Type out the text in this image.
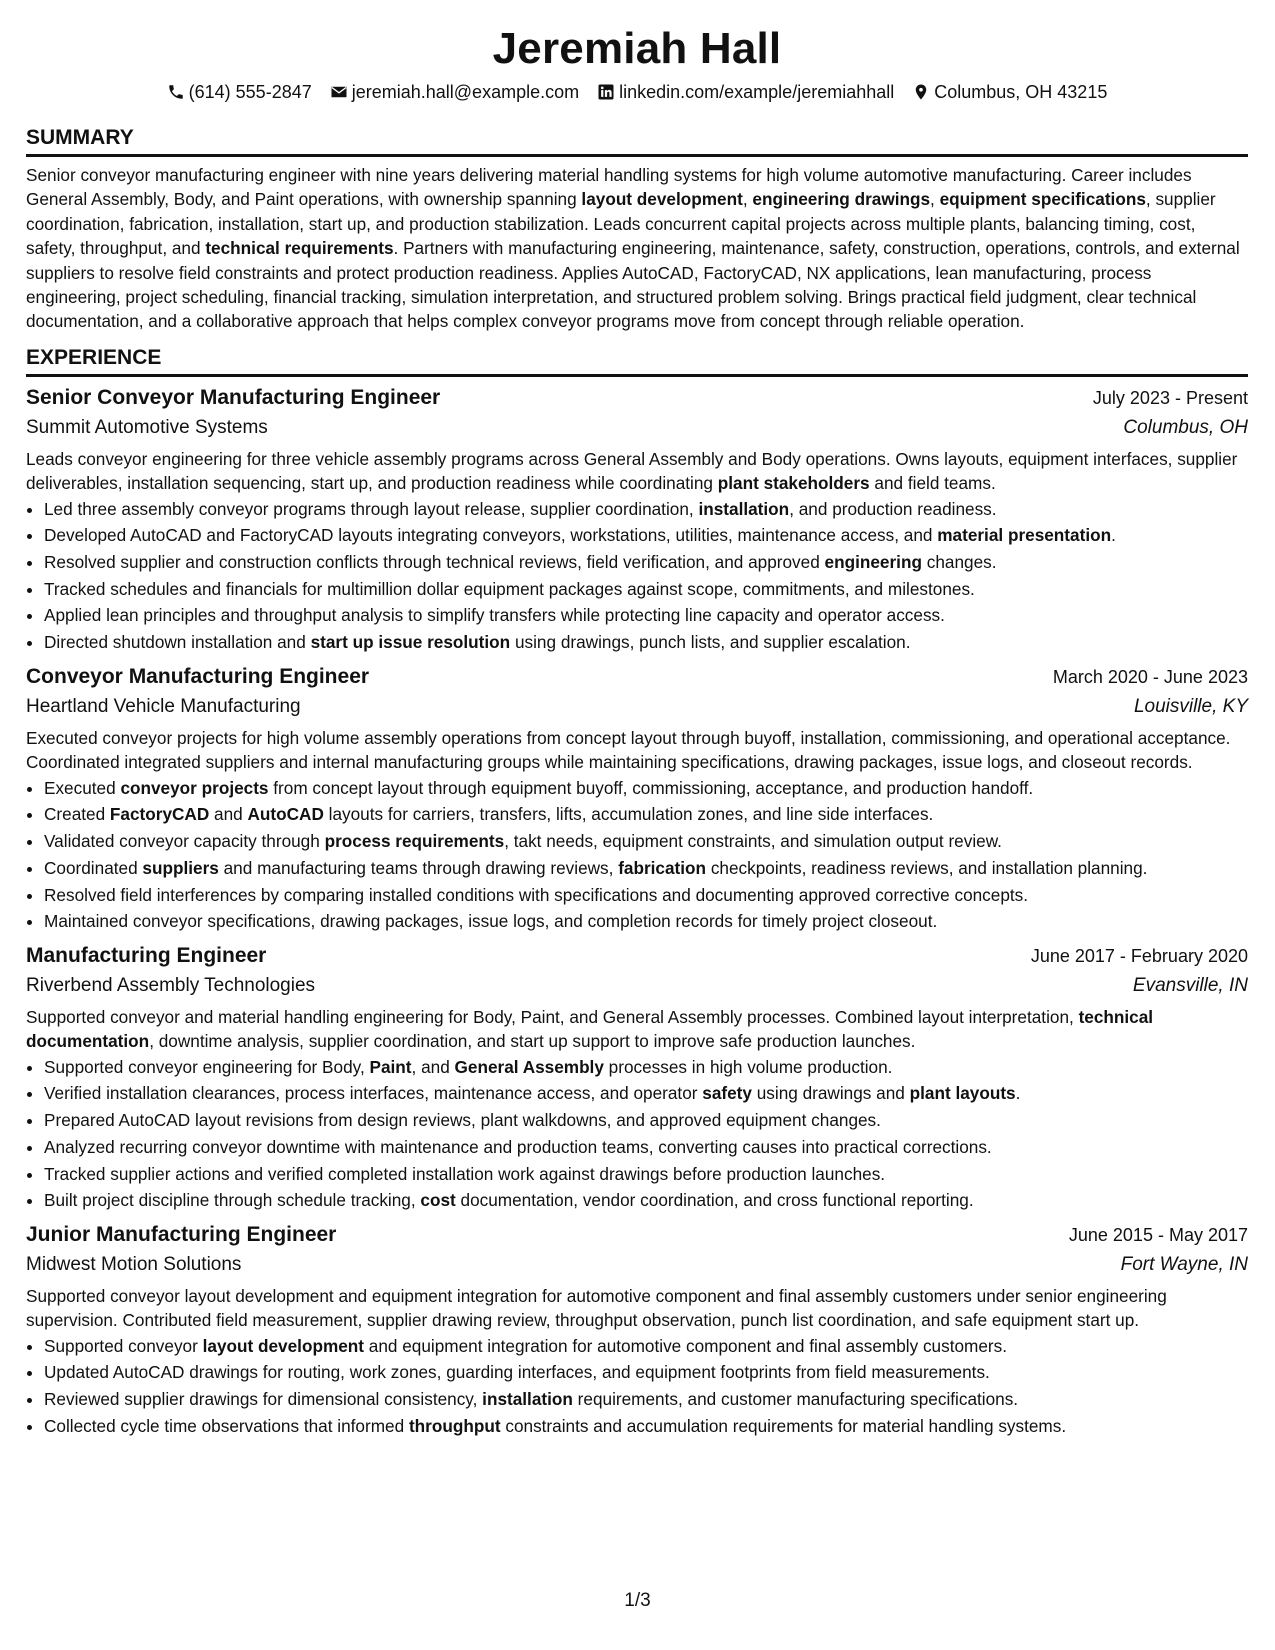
Jeremiah Hall
(614) 555-2847 jeremiah.hall@example.com linkedin.com/example/jeremiahhall Columbus, OH 43215
SUMMARY

Senior conveyor manufacturing engineer with nine years delivering material handling systems for high volume automotive manufacturing. Career includes General Assembly, Body, and Paint operations, with ownership spanning layout development, engineering drawings, equipment specifications, supplier coordination, fabrication, installation, start up, and production stabilization. Leads concurrent capital projects across multiple plants, balancing timing, cost, safety, throughput, and technical requirements. Partners with manufacturing engineering, maintenance, safety, construction, operations, controls, and external suppliers to resolve field constraints and protect production readiness. Applies AutoCAD, FactoryCAD, NX applications, lean manufacturing, process engineering, project scheduling, financial tracking, simulation interpretation, and structured problem solving. Brings practical field judgment, clear technical documentation, and a collaborative approach that helps complex conveyor programs move from concept through reliable operation.

EXPERIENCE
Senior Conveyor Manufacturing Engineer	July 2023 - Present
Summit Automotive Systems	Columbus, OH

Leads conveyor engineering for three vehicle assembly programs across General Assembly and Body operations. Owns layouts, equipment interfaces, supplier deliverables, installation sequencing, start up, and production readiness while coordinating plant stakeholders and field teams.

• Led three assembly conveyor programs through layout release, supplier coordination, installation, and production readiness.
• Developed AutoCAD and FactoryCAD layouts integrating conveyors, workstations, utilities, maintenance access, and material presentation.
• Resolved supplier and construction conflicts through technical reviews, field verification, and approved engineering changes.
• Tracked schedules and financials for multimillion dollar equipment packages against scope, commitments, and milestones.
• Applied lean principles and throughput analysis to simplify transfers while protecting line capacity and operator access.
• Directed shutdown installation and start up issue resolution using drawings, punch lists, and supplier escalation.
Conveyor Manufacturing Engineer	March 2020 - June 2023
Heartland Vehicle Manufacturing	Louisville, KY

Executed conveyor projects for high volume assembly operations from concept layout through buyoff, installation, commissioning, and operational acceptance. Coordinated integrated suppliers and internal manufacturing groups while maintaining specifications, drawing packages, issue logs, and closeout records.

• Executed conveyor projects from concept layout through equipment buyoff, commissioning, acceptance, and production handoff.
• Created FactoryCAD and AutoCAD layouts for carriers, transfers, lifts, accumulation zones, and line side interfaces.
• Validated conveyor capacity through process requirements, takt needs, equipment constraints, and simulation output review.
• Coordinated suppliers and manufacturing teams through drawing reviews, fabrication checkpoints, readiness reviews, and installation planning.
• Resolved field interferences by comparing installed conditions with specifications and documenting approved corrective concepts.
• Maintained conveyor specifications, drawing packages, issue logs, and completion records for timely project closeout.
Manufacturing Engineer	June 2017 - February 2020
Riverbend Assembly Technologies	Evansville, IN

Supported conveyor and material handling engineering for Body, Paint, and General Assembly processes. Combined layout interpretation, technical documentation, downtime analysis, supplier coordination, and start up support to improve safe production launches.

• Supported conveyor engineering for Body, Paint, and General Assembly processes in high volume production.
• Verified installation clearances, process interfaces, maintenance access, and operator safety using drawings and plant layouts.
• Prepared AutoCAD layout revisions from design reviews, plant walkdowns, and approved equipment changes.
• Analyzed recurring conveyor downtime with maintenance and production teams, converting causes into practical corrections.
• Tracked supplier actions and verified completed installation work against drawings before production launches.
• Built project discipline through schedule tracking, cost documentation, vendor coordination, and cross functional reporting.
Junior Manufacturing Engineer	June 2015 - May 2017
Midwest Motion Solutions	Fort Wayne, IN

Supported conveyor layout development and equipment integration for automotive component and final assembly customers under senior engineering supervision. Contributed field measurement, supplier drawing review, throughput observation, punch list coordination, and safe equipment start up.

• Supported conveyor layout development and equipment integration for automotive component and final assembly customers.
• Updated AutoCAD drawings for routing, work zones, guarding interfaces, and equipment footprints from field measurements.
• Reviewed supplier drawings for dimensional consistency, installation requirements, and customer manufacturing specifications.
• Collected cycle time observations that informed throughput constraints and accumulation requirements for material handling systems.
1/3
